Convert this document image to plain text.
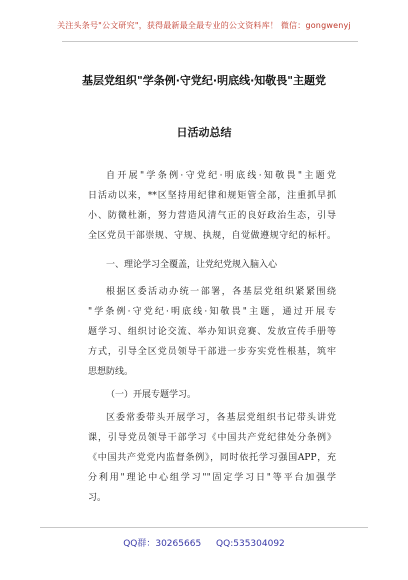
关注头条号"公文研究"，获得最新最全最专业的公文资料库！ 微信：gongwenyj
基层党组织"学条例·守党纪·明底线·知敬畏"主题党
日活动总结
自开展"学条例·守党纪·明底线·知敬畏"主题党
日活动以来，**区坚持用纪律和规矩管全部，注重抓早抓
小、防微杜渐，努力营造风清气正的良好政治生态，引导
全区党员干部崇规、守规、执规，自觉做遵规守纪的标杆。
一、理论学习全覆盖，让党纪党规入脑入心
根据区委活动办统一部署，各基层党组织紧紧围绕
"学条例·守党纪·明底线·知敬畏"主题，通过开展专
题学习、组织讨论交流、举办知识竞赛、发放宣传手册等
方式，引导全区党员领导干部进一步夯实党性根基，筑牢
思想防线。
（一）开展专题学习。
区委常委带头开展学习，各基层党组织书记带头讲党
课，引导党员领导干部学习《中国共产党纪律处分条例》
《中国共产党党内监督条例》，同时依托学习强国APP，充
分利用"理论中心组学习""固定学习日"等平台加强学
习。
QQ群：30265665 QQ:535304092
